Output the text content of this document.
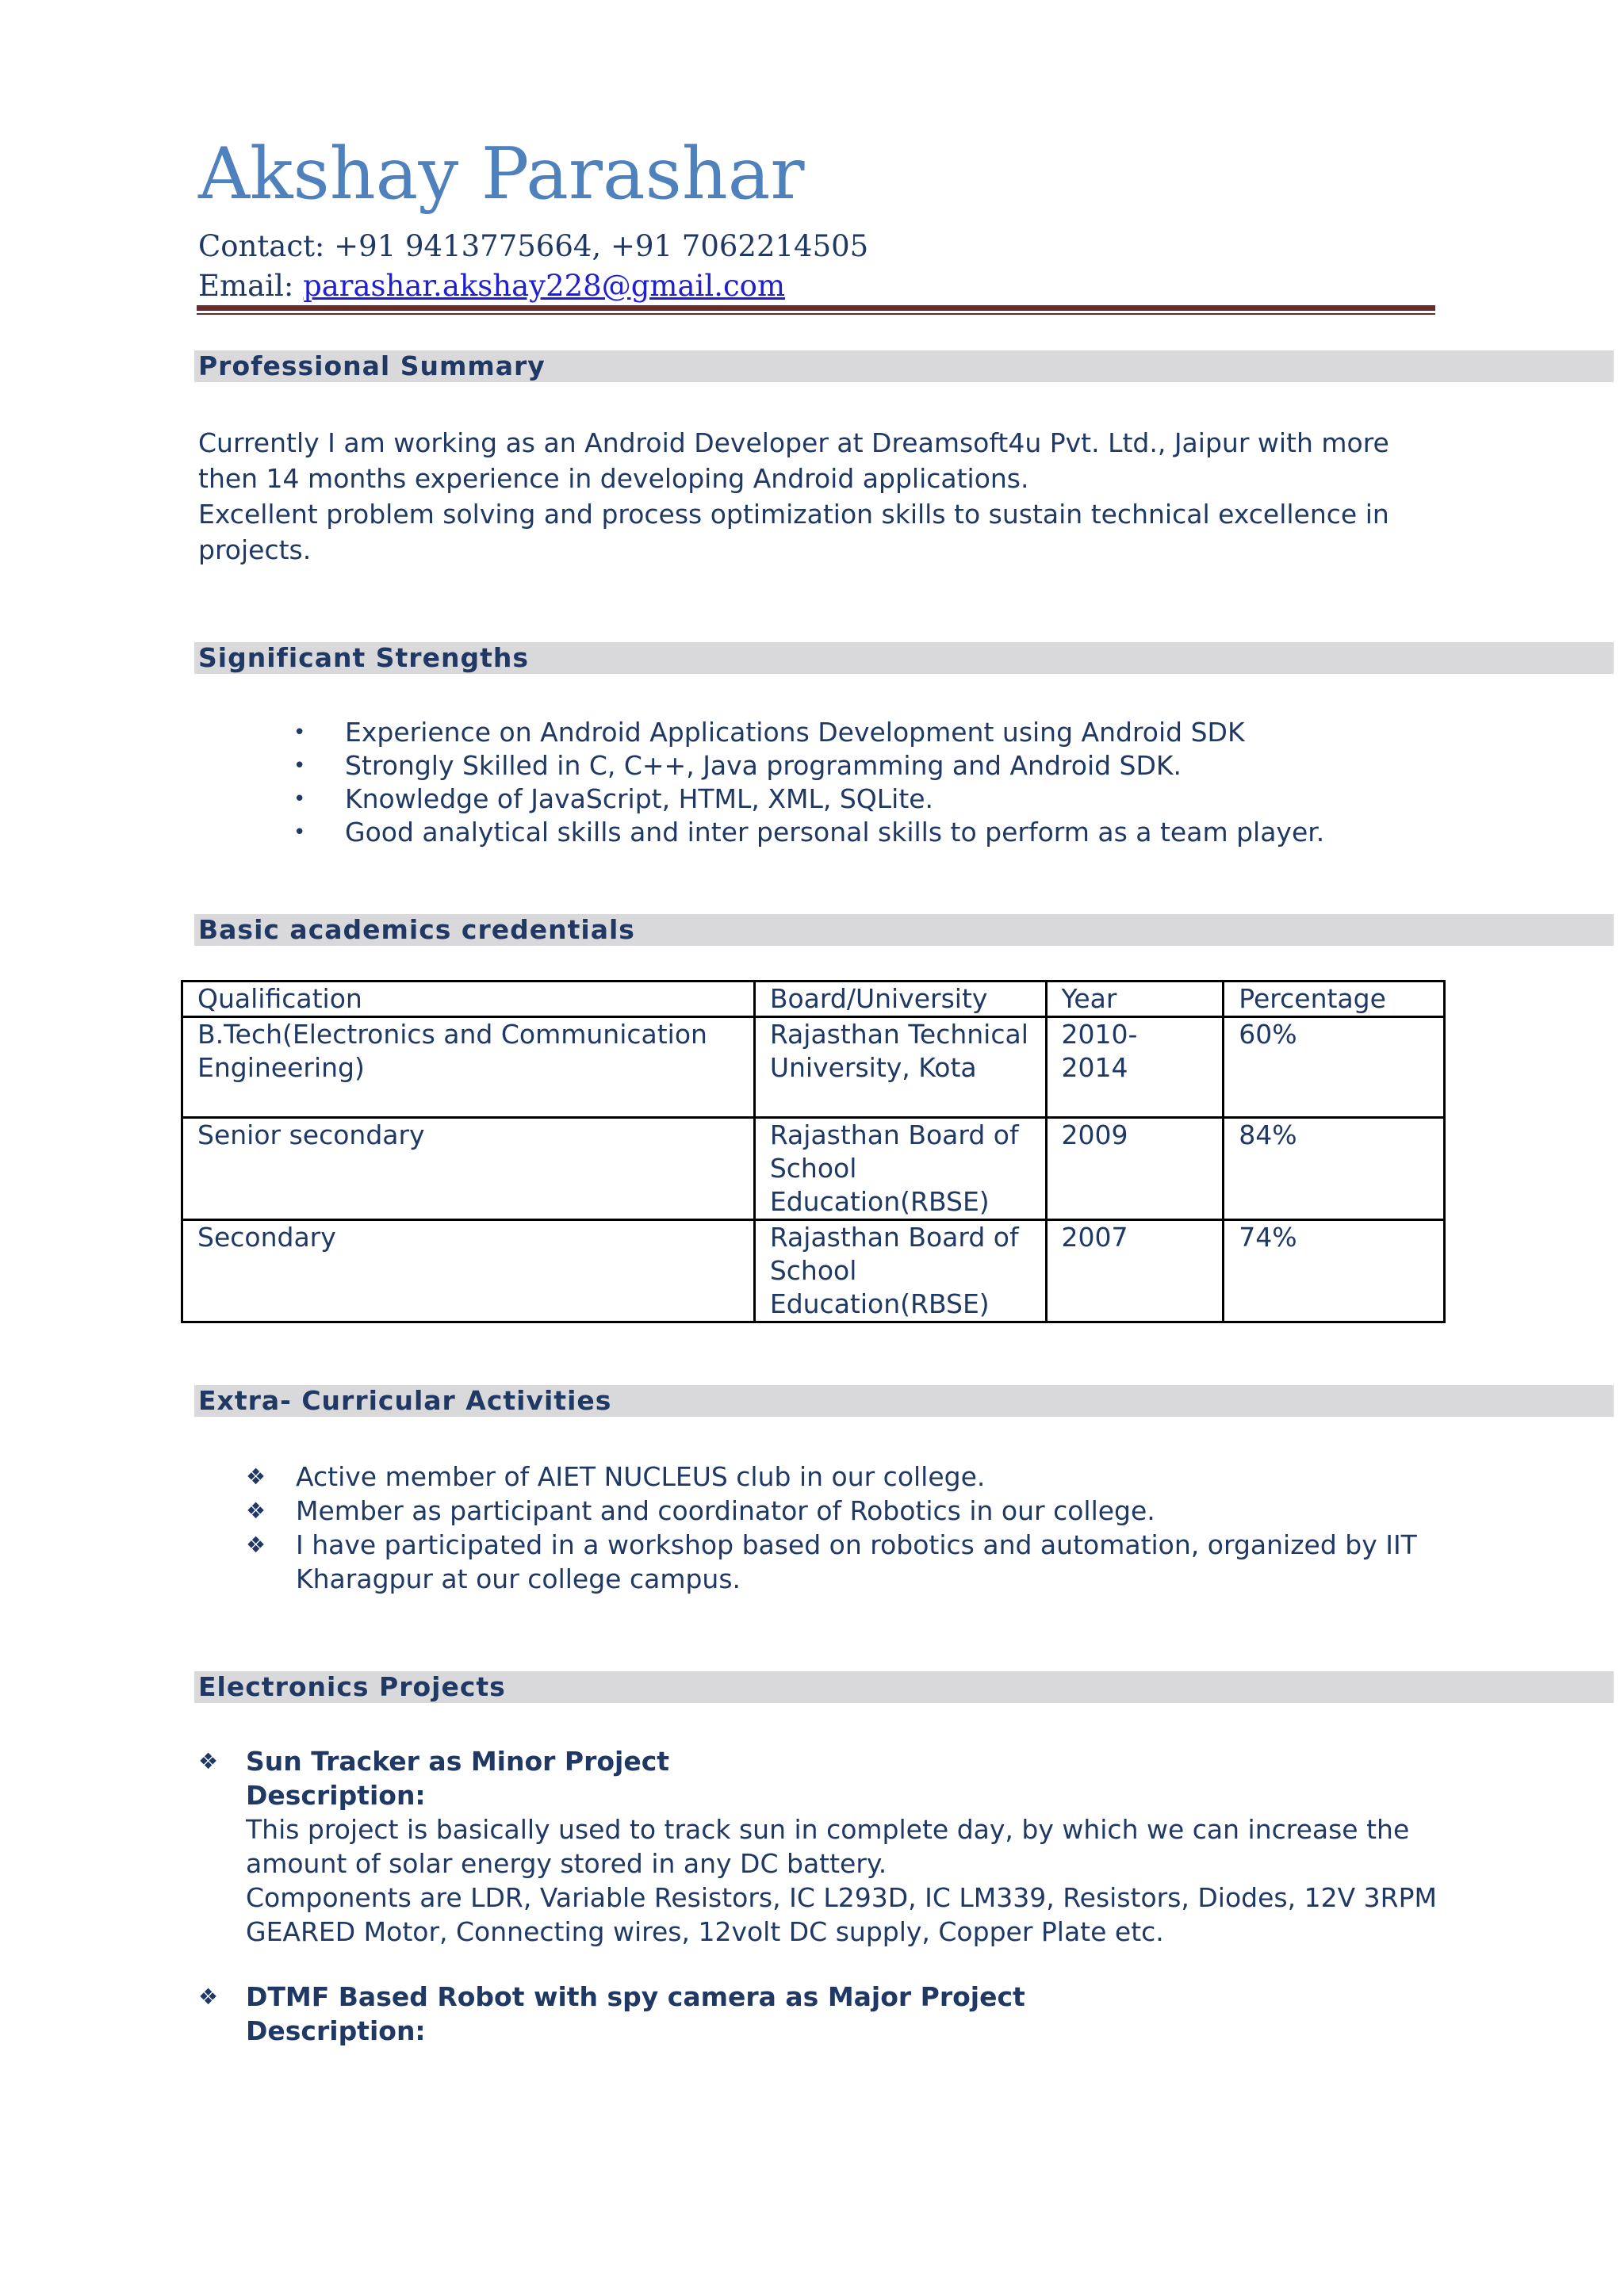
Akshay Parashar
Contact: +91 9413775664, +91 7062214505
Email: parashar.akshay228@gmail.com
Professional Summary

Currently I am working as an Android Developer at Dreamsoft4u Pvt. Ltd., Jaipur with more then 14 months experience in developing Android applications.

Excellent problem solving and process optimization skills to sustain technical excellence in projects.

Significant Strengths
• Experience on Android Applications Development using Android SDK
• Strongly Skilled in C, C++, Java programming and Android SDK.
• Knowledge of JavaScript, HTML, XML, SQLite.
• Good analytical skills and inter personal skills to perform as a team player.
Basic academics credentials
Qualification	Board/University	Year	Percentage
B.Tech(Electronics and Communication Engineering)	Rajasthan Technical University, Kota	2010-2014	60%
Senior secondary	Rajasthan Board of School Education(RBSE)	2009	84%
Secondary	Rajasthan Board of School Education(RBSE)	2007	74%
Extra- Curricular Activities
❖ Active member of AIET NUCLEUS club in our college.
❖ Member as participant and coordinator of Robotics in our college.
❖ I have participated in a workshop based on robotics and automation, organized by IIT Kharagpur at our college campus.
Electronics Projects
❖ Sun Tracker as Minor Project
Description:

This project is basically used to track sun in complete day, by which we can increase the amount of solar energy stored in any DC battery.

Components are LDR, Variable Resistors, IC L293D, IC LM339, Resistors, Diodes, 12V 3RPM GEARED Motor, Connecting wires, 12volt DC supply, Copper Plate etc.

❖ DTMF Based Robot with spy camera as Major Project
Description:
